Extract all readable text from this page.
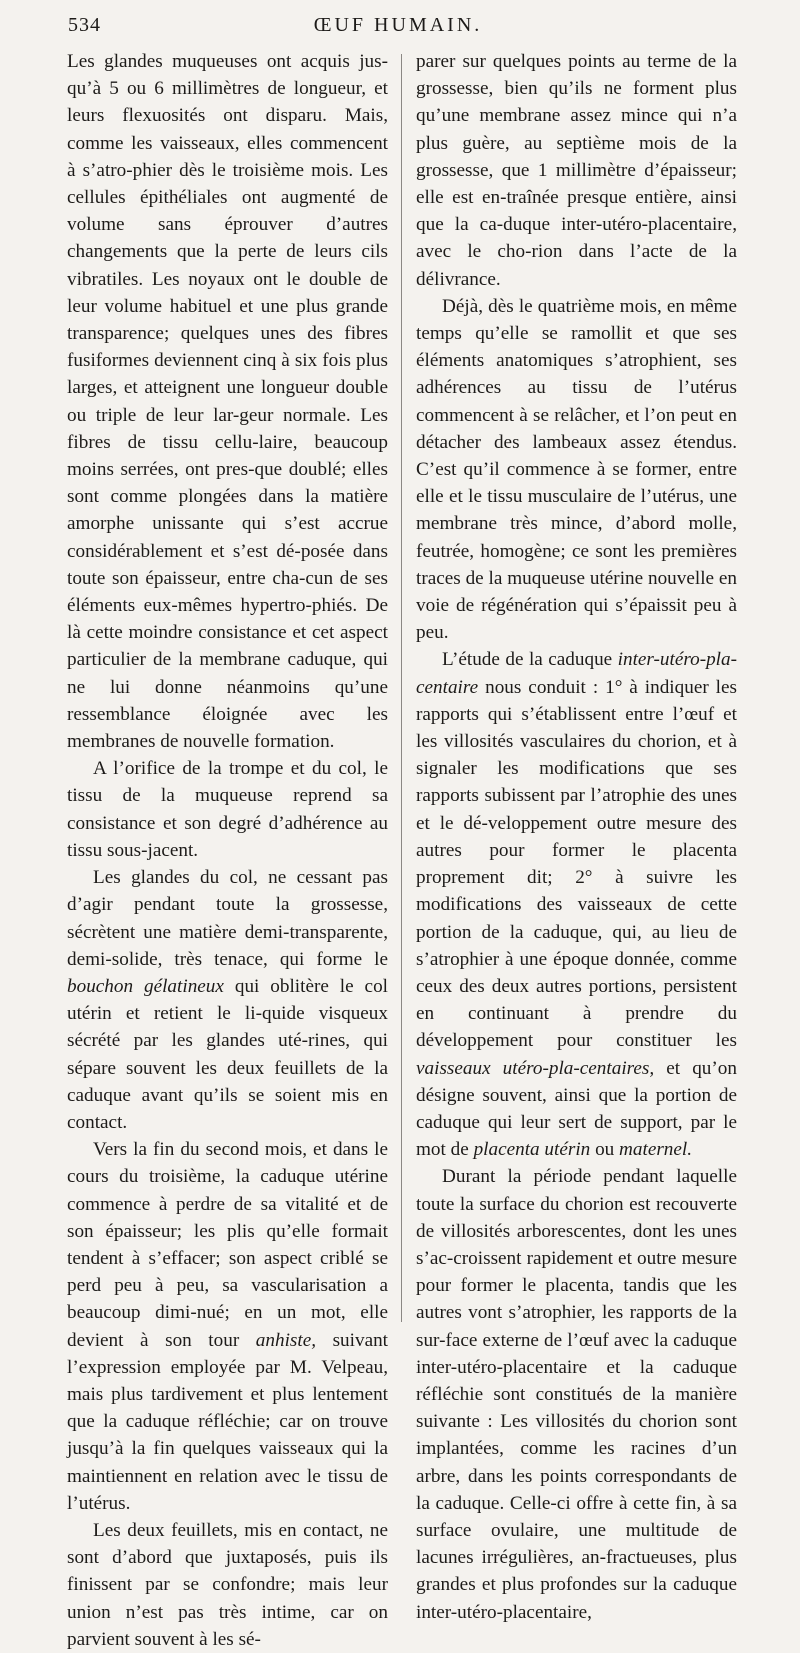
534	ŒUF HUMAIN.

Les glandes muqueuses ont acquis jus-qu’à 5 ou 6 millimètres de longueur, et leurs flexuosités ont disparu. Mais, comme les vaisseaux, elles commencent à s’atro-phier dès le troisième mois. Les cellules épithéliales ont augmenté de volume sans éprouver d’autres changements que la perte de leurs cils vibratiles. Les noyaux ont le double de leur volume habituel et une plus grande transparence; quelques unes des fibres fusiformes deviennent cinq à six fois plus larges, et atteignent une longueur double ou triple de leur lar-geur normale. Les fibres de tissu cellu-laire, beaucoup moins serrées, ont pres-que doublé; elles sont comme plongées dans la matière amorphe unissante qui s’est accrue considérablement et s’est dé-posée dans toute son épaisseur, entre cha-cun de ses éléments eux-mêmes hypertro-phiés. De là cette moindre consistance et cet aspect particulier de la membrane caduque, qui ne lui donne néanmoins qu’une ressemblance éloignée avec les membranes de nouvelle formation.

A l’orifice de la trompe et du col, le tissu de la muqueuse reprend sa consistance et son degré d’adhérence au tissu sous-jacent.

Les glandes du col, ne cessant pas d’agir pendant toute la grossesse, sécrètent une matière demi-transparente, demi-solide, très tenace, qui forme le bouchon gélatineux qui oblitère le col utérin et retient le li-quide visqueux sécrété par les glandes uté-rines, qui sépare souvent les deux feuillets de la caduque avant qu’ils se soient mis en contact.

Vers la fin du second mois, et dans le cours du troisième, la caduque utérine commence à perdre de sa vitalité et de son épaisseur; les plis qu’elle formait tendent à s’effacer; son aspect criblé se perd peu à peu, sa vascularisation a beaucoup dimi-nué; en un mot, elle devient à son tour anhiste, suivant l’expression employée par M. Velpeau, mais plus tardivement et plus lentement que la caduque réfléchie; car on trouve jusqu’à la fin quelques vaisseaux qui la maintiennent en relation avec le tissu de l’utérus.

Les deux feuillets, mis en contact, ne sont d’abord que juxtaposés, puis ils finissent par se confondre; mais leur union n’est pas très intime, car on parvient souvent à les sé-

parer sur quelques points au terme de la grossesse, bien qu’ils ne forment plus qu’une membrane assez mince qui n’a plus guère, au septième mois de la grossesse, que 1 millimètre d’épaisseur; elle est en-traînée presque entière, ainsi que la ca-duque inter-utéro-placentaire, avec le cho-rion dans l’acte de la délivrance.

Déjà, dès le quatrième mois, en même temps qu’elle se ramollit et que ses éléments anatomiques s’atrophient, ses adhérences au tissu de l’utérus commencent à se relâcher, et l’on peut en détacher des lambeaux assez étendus. C’est qu’il commence à se former, entre elle et le tissu musculaire de l’utérus, une membrane très mince, d’abord molle, feutrée, homogène; ce sont les premières traces de la muqueuse utérine nouvelle en voie de régénération qui s’épaissit peu à peu.

L’étude de la caduque inter-utéro-pla-centaire nous conduit : 1° à indiquer les rapports qui s’établissent entre l’œuf et les villosités vasculaires du chorion, et à signaler les modifications que ses rapports subissent par l’atrophie des unes et le dé-veloppement outre mesure des autres pour former le placenta proprement dit; 2° à suivre les modifications des vaisseaux de cette portion de la caduque, qui, au lieu de s’atrophier à une époque donnée, comme ceux des deux autres portions, persistent en continuant à prendre du développement pour constituer les vaisseaux utéro-pla-centaires, et qu’on désigne souvent, ainsi que la portion de caduque qui leur sert de support, par le mot de placenta utérin ou maternel.

Durant la période pendant laquelle toute la surface du chorion est recouverte de villosités arborescentes, dont les unes s’ac-croissent rapidement et outre mesure pour former le placenta, tandis que les autres vont s’atrophier, les rapports de la sur-face externe de l’œuf avec la caduque inter-utéro-placentaire et la caduque réfléchie sont constitués de la manière suivante : Les villosités du chorion sont implantées, comme les racines d’un arbre, dans les points correspondants de la caduque. Celle-ci offre à cette fin, à sa surface ovulaire, une multitude de lacunes irrégulières, an-fractueuses, plus grandes et plus profondes sur la caduque inter-utéro-placentaire,
